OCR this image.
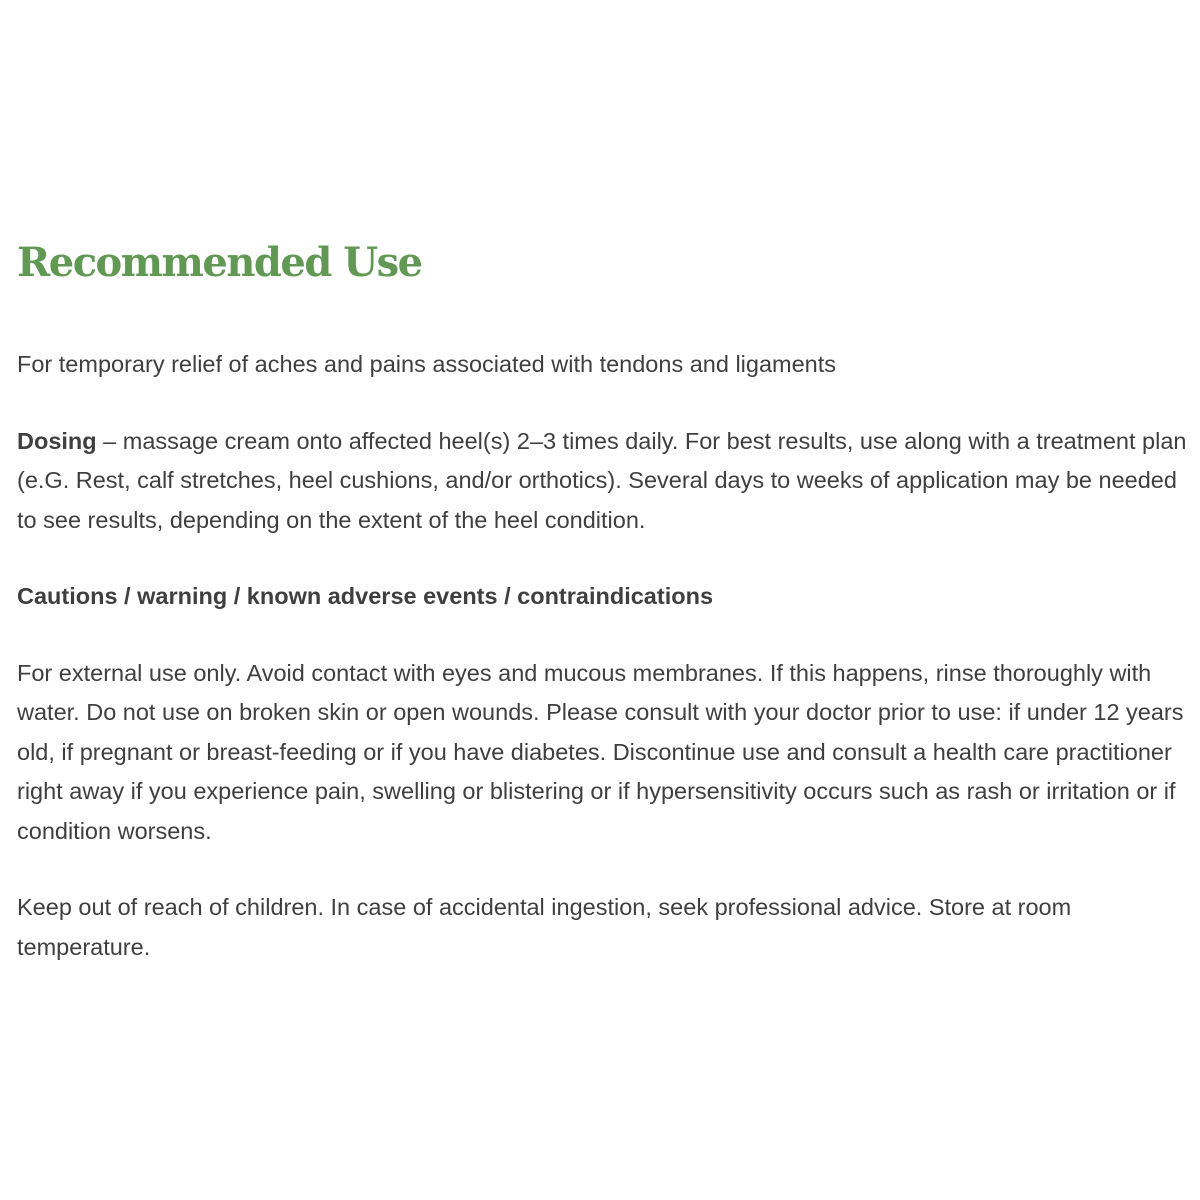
Recommended Use

For temporary relief of aches and pains associated with tendons and ligaments

Dosing – massage cream onto affected heel(s) 2–3 times daily. For best results, use along with a treatment plan (e.G. Rest, calf stretches, heel cushions, and/or orthotics). Several days to weeks of application may be needed to see results, depending on the extent of the heel condition.

Cautions / warning / known adverse events / contraindications

For external use only. Avoid contact with eyes and mucous membranes. If this happens, rinse thoroughly with water. Do not use on broken skin or open wounds. Please consult with your doctor prior to use: if under 12 years old, if pregnant or breast-feeding or if you have diabetes. Discontinue use and consult a health care practitioner right away if you experience pain, swelling or blistering or if hypersensitivity occurs such as rash or irritation or if condition worsens.

Keep out of reach of children. In case of accidental ingestion, seek professional advice. Store at room temperature.
